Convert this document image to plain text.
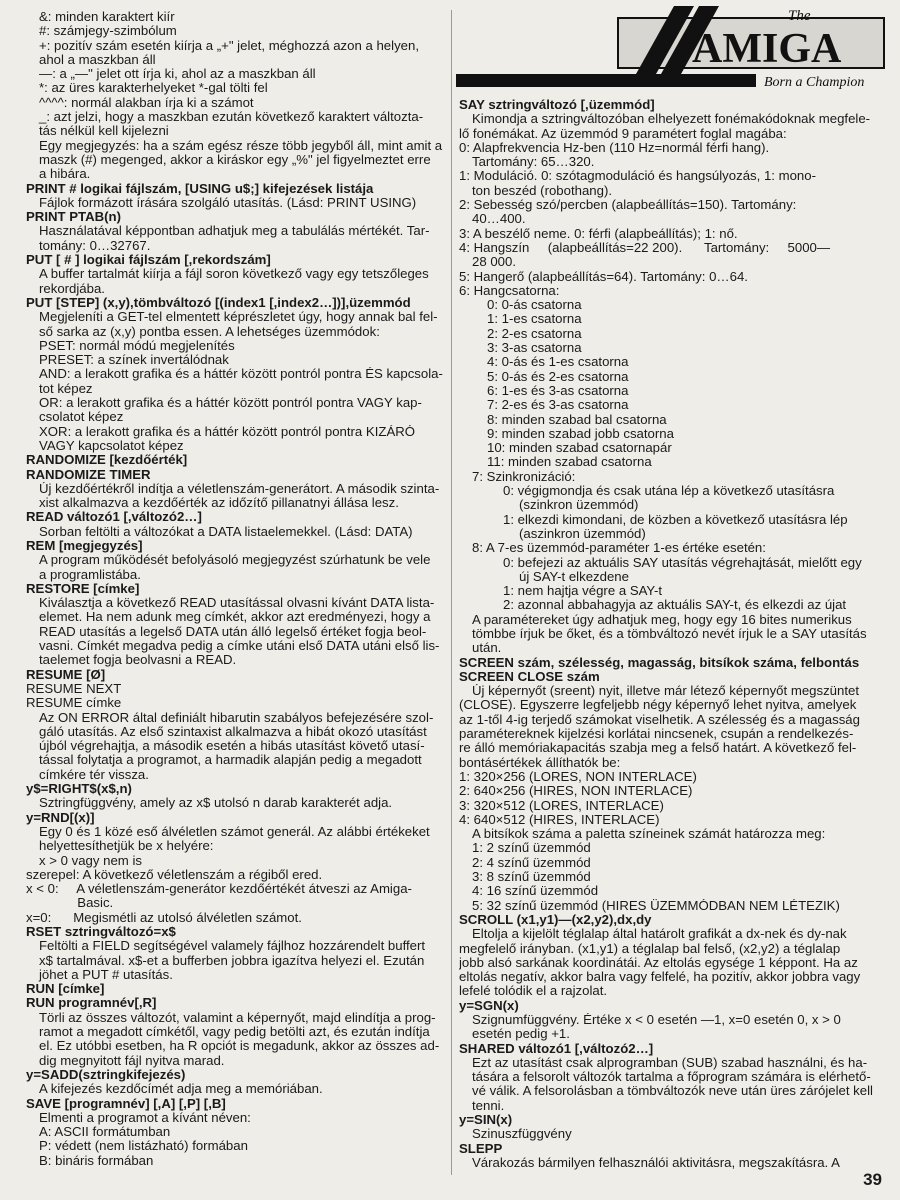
&: minden karaktert kiír
#: számjegy-szimbólum
+: pozitív szám esetén kiírja a „+" jelet, méghozzá azon a helyen,
ahol a maszkban áll
—: a „—" jelet ott írja ki, ahol az a maszkban áll
*: az üres karakterhelyeket *-gal tölti fel
^^^^: normál alakban írja ki a számot
_: azt jelzi, hogy a maszkban ezután következő karaktert változta-
tás nélkül kell kijelezni
Egy megjegyzés: ha a szám egész része több jegyből áll, mint amit a
maszk (#) megenged, akkor a kiráskor egy „%" jel figyelmeztet erre
a hibára.
PRINT # logikai fájlszám, [USING u$;] kifejezések listája
Fájlok formázott írására szolgáló utasítás. (Lásd: PRINT USING)
PRINT PTAB(n)
Használatával képpontban adhatjuk meg a tabulálás mértékét. Tar-
tomány: 0…32767.
PUT [ # ] logikai fájlszám [,rekordszám]
A buffer tartalmát kiírja a fájl soron következő vagy egy tetszőleges
rekordjába.
PUT [STEP] (x,y),tömbváltozó [(index1 [,index2…])],üzemmód
Megjeleníti a GET-tel elmentett képrészletet úgy, hogy annak bal fel-
ső sarka az (x,y) pontba essen. A lehetséges üzemmódok:
PSET: normál módú megjelenítés
PRESET: a színek invertálódnak
AND: a lerakott grafika és a háttér között pontról pontra ÉS kapcsola-
tot képez
OR: a lerakott grafika és a háttér között pontról pontra VAGY kap-
csolatot képez
XOR: a lerakott grafika és a háttér között pontról pontra KIZÁRÓ
VAGY kapcsolatot képez
RANDOMIZE [kezdőérték]
RANDOMIZE TIMER
Új kezdőértékről indítja a véletlenszám-generátort. A második szinta-
xist alkalmazva a kezdőérték az időzítő pillanatnyi állása lesz.
READ változó1 [,változó2…]
Sorban feltölti a változókat a DATA listaelemekkel. (Lásd: DATA)
REM [megjegyzés]
A program működését befolyásoló megjegyzést szúrhatunk be vele
a programlistába.
RESTORE [címke]
Kiválasztja a következő READ utasítással olvasni kívánt DATA lista-
elemet. Ha nem adunk meg címkét, akkor azt eredményezi, hogy a
READ utasítás a legelső DATA után álló legelső értéket fogja beol-
vasni. Címkét megadva pedig a címke utáni első DATA utáni első lis-
taelemet fogja beolvasni a READ.
RESUME [Ø]
RESUME NEXT
RESUME címke
Az ON ERROR által definiált hibarutin szabályos befejezésére szol-
gáló utasítás. Az első szintaxist alkalmazva a hibát okozó utasítást
újból végrehajtja, a második esetén a hibás utasítást követő utasí-
tással folytatja a programot, a harmadik alapján pedig a megadott
címkére tér vissza.
y$=RIGHT$(x$,n)
Sztringfüggvény, amely az x$ utolsó n darab karakterét adja.
y=RND[(x)]
Egy 0 és 1 közé eső álvéletlen számot generál. Az alábbi értékeket
helyettesíthetjük be x helyére:
x > 0 vagy nem is
szerepel: A következő véletlenszám a régiből ered.
x < 0:     A véletlenszám-generátor kezdőértékét átveszi az Amiga-
Basic.
x=0:      Megismétli az utolsó álvéletlen számot.
RSET sztringváltozó=x$
Feltölti a FIELD segítségével valamely fájlhoz hozzárendelt buffert
x$ tartalmával. x$-et a bufferben jobbra igazítva helyezi el. Ezután
jöhet a PUT # utasítás.
RUN [címke]
RUN programnév[,R]
Törli az összes változót, valamint a képernyőt, majd elindítja a prog-
ramot a megadott címkétől, vagy pedig betölti azt, és ezután indítja
el. Ez utóbbi esetben, ha R opciót is megadunk, akkor az összes ad-
dig megnyitott fájl nyitva marad.
y=SADD(sztringkifejezés)
A kifejezés kezdőcímét adja meg a memóriában.
SAVE [programnév] [,A] [,P] [,B]
Elmenti a programot a kívánt néven:
A: ASCII formátumban
P: védett (nem listázható) formában
B: bináris formában
The
AMIGA
Born a Champion
SAY sztringváltozó [,üzemmód]
Kimondja a sztringváltozóban elhelyezett fonémakódoknak megfele-
lő fonémákat. Az üzemmód 9 paramétert foglal magába:
0: Alapfrekvencia Hz-ben (110 Hz=normál férfi hang).
Tartomány: 65…320.
1: Moduláció. 0: szótagmoduláció és hangsúlyozás, 1: mono-
ton beszéd (robothang).
2: Sebesség szó/percben (alapbeállítás=150). Tartomány:
40…400.
3: A beszélő neme. 0: férfi (alapbeállítás); 1: nő.
4: Hangszín     (alapbeállítás=22 200).      Tartomány:     5000—
28 000.
5: Hangerő (alapbeállítás=64). Tartomány: 0…64.
6: Hangcsatorna:
0: 0-ás csatorna
1: 1-es csatorna
2: 2-es csatorna
3: 3-as csatorna
4: 0-ás és 1-es csatorna
5: 0-ás és 2-es csatorna
6: 1-es és 3-as csatorna
7: 2-es és 3-as csatorna
8: minden szabad bal csatorna
9: minden szabad jobb csatorna
10: minden szabad csatornapár
11: minden szabad csatorna
7: Szinkronizáció:
0: végigmondja és csak utána lép a következő utasításra
(szinkron üzemmód)
1: elkezdi kimondani, de közben a következő utasításra lép
(aszinkron üzemmód)
8: A 7-es üzemmód-paraméter 1-es értéke esetén:
0: befejezi az aktuális SAY utasítás végrehajtását, mielőtt egy
új SAY-t elkezdene
1: nem hajtja végre a SAY-t
2: azonnal abbahagyja az aktuális SAY-t, és elkezdi az újat
A paramétereket úgy adhatjuk meg, hogy egy 16 bites numerikus
tömbbe írjuk be őket, és a tömbváltozó nevét írjuk le a SAY utasítás
után.
SCREEN szám, szélesség, magasság, bitsíkok száma, felbontás
SCREEN CLOSE szám
Új képernyőt (sreent) nyit, illetve már létező képernyőt megszüntet
(CLOSE). Egyszerre legfeljebb négy képernyő lehet nyitva, amelyek
az 1-től 4-ig terjedő számokat viselhetik. A szélesség és a magasság
paramétereknek kijelzési korlátai nincsenek, csupán a rendelkezés-
re álló memóriakapacitás szabja meg a felső határt. A következő fel-
bontásértékek állíthatók be:
1: 320×256 (LORES, NON INTERLACE)
2: 640×256 (HIRES, NON INTERLACE)
3: 320×512 (LORES, INTERLACE)
4: 640×512 (HIRES, INTERLACE)
A bitsíkok száma a paletta színeinek számát határozza meg:
1: 2 színű üzemmód
2: 4 színű üzemmód
3: 8 színű üzemmód
4: 16 színű üzemmód
5: 32 színű üzemmód (HIRES ÜZEMMÓDBAN NEM LÉTEZIK)
SCROLL (x1,y1)—(x2,y2),dx,dy
Eltolja a kijelölt téglalap által határolt grafikát a dx-nek és dy-nak
megfelelő irányban. (x1,y1) a téglalap bal felső, (x2,y2) a téglalap
jobb alsó sarkának koordinátái. Az eltolás egysége 1 képpont. Ha az
eltolás negatív, akkor balra vagy felfelé, ha pozitív, akkor jobbra vagy
lefelé tolódik el a rajzolat.
y=SGN(x)
Szignumfüggvény. Értéke x < 0 esetén —1, x=0 esetén 0, x > 0
esetén pedig +1.
SHARED változó1 [,változó2…]
Ezt az utasítást csak alprogramban (SUB) szabad használni, és ha-
tására a felsorolt változók tartalma a főprogram számára is elérhető-
vé válik. A felsorolásban a tömbváltozók neve után üres zárójelet kell
tenni.
y=SIN(x)
Szinuszfüggvény
SLEPP
Várakozás bármilyen felhasználói aktivitásra, megszakításra. A
39
